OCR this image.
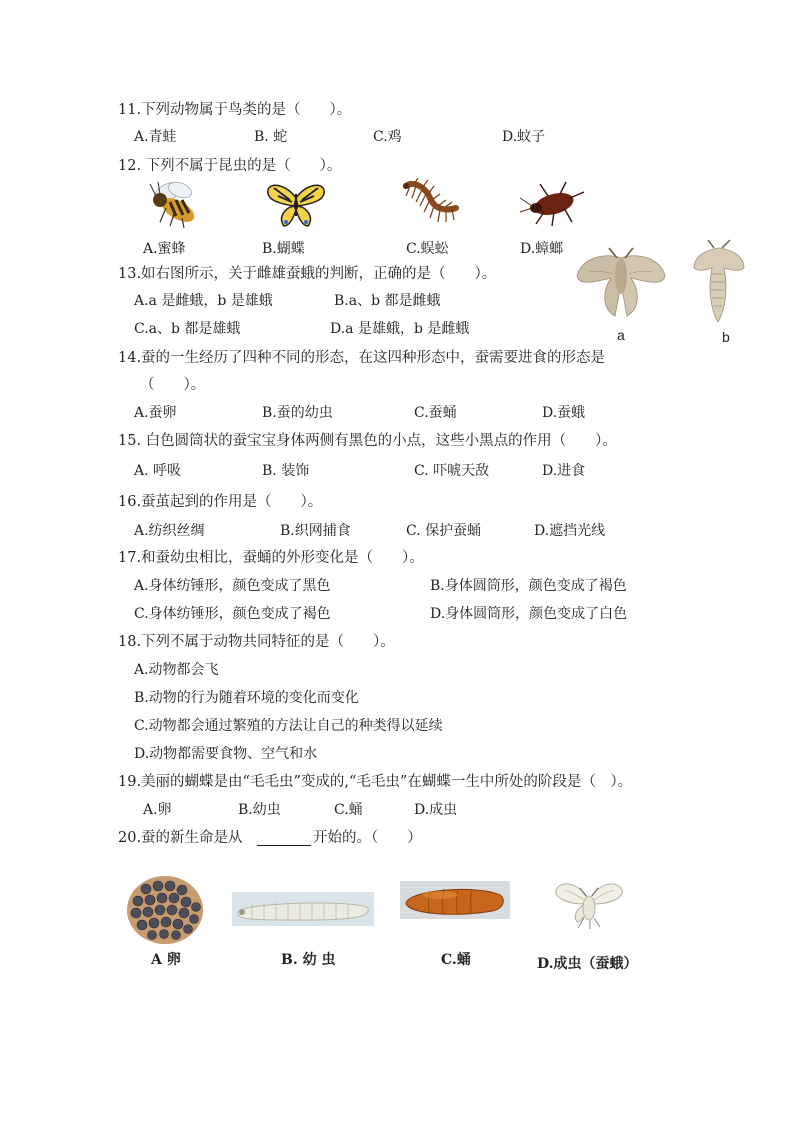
11.下列动物属于鸟类的是（　　）。
A.青蛙	B. 蛇	C.鸡	D.蚊子
12. 下列不属于昆虫的是（　　）。
A.蜜蜂	B.蝴蝶	C.蜈蚣	D.蟑螂
13.如右图所示，关于雌雄蚕蛾的判断，正确的是（　　）。
A.a 是雌蛾，b 是雄蛾	B.a、b 都是雌蛾
C.a、b 都是雄蛾	D.a 是雄蛾，b 是雌蛾	a	b
14.蚕的一生经历了四种不同的形态，在这四种形态中，蚕需要进食的形态是
（　　）。
A.蚕卵	B.蚕的幼虫	C.蚕蛹	D.蚕蛾
15. 白色圆筒状的蚕宝宝身体两侧有黑色的小点，这些小黑点的作用（　　）。
A. 呼吸	B. 装饰	C. 吓唬天敌	D.进食
16.蚕茧起到的作用是（　　）。
A.纺织丝绸	B.织网捕食	C. 保护蚕蛹	D.遮挡光线
17.和蚕幼虫相比，蚕蛹的外形变化是（　　）。
A.身体纺锤形，颜色变成了黑色	B.身体圆筒形，颜色变成了褐色
C.身体纺锤形，颜色变成了褐色	D.身体圆筒形，颜色变成了白色
18.下列不属于动物共同特征的是（　　）。
A.动物都会飞
B.动物的行为随着环境的变化而变化
C.动物都会通过繁殖的方法让自己的种类得以延续
D.动物都需要食物、空气和水
19.美丽的蝴蝶是由“毛毛虫”变成的,“毛毛虫”在蝴蝶一生中所处的阶段是（　）。
A.卵	B.幼虫	C.蛹	D.成虫
20.蚕的新生命是从	开始的。（　　）
A 卵	B. 幼 虫	C.蛹	D.成虫（蚕蛾）
